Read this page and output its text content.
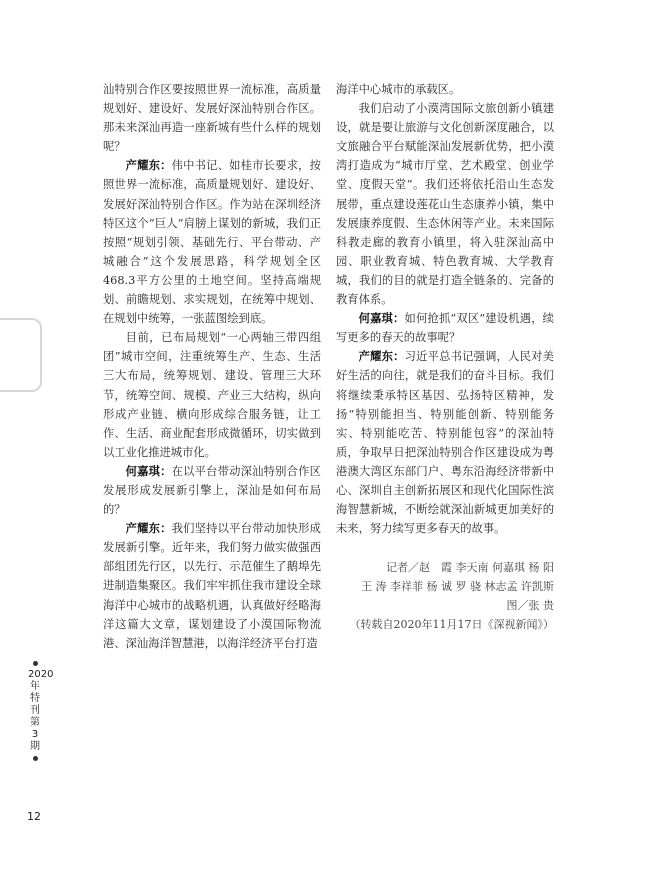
汕特别合作区要按照世界一流标准，高质量规划好、建设好、发展好深汕特别合作区。那未来深汕再造一座新城有些什么样的规划呢？

产耀东：伟中书记、如桂市长要求，按照世界一流标准，高质量规划好、建设好、发展好深汕特别合作区。作为站在深圳经济特区这个“巨人”肩膀上谋划的新城，我们正按照“规划引领、基础先行、平台带动、产城融合”这个发展思路，科学规划全区468.3平方公里的土地空间。坚持高端规划、前瞻规划、求实规划，在统筹中规划、在规划中统筹，一张蓝图绘到底。

目前，已布局规划“一心两轴三带四组团”城市空间，注重统筹生产、生态、生活三大布局，统筹规划、建设、管理三大环节，统筹空间、规模、产业三大结构，纵向形成产业链、横向形成综合服务链，让工作、生活、商业配套形成微循环，切实做到以工业化推进城市化。

何嘉琪：在以平台带动深汕特别合作区发展形成发展新引擎上，深汕是如何布局的？

产耀东：我们坚持以平台带动加快形成发展新引擎。近年来，我们努力做实做强西部组团先行区，以先行、示范催生了鹅埠先进制造集聚区。我们牢牢抓住我市建设全球海洋中心城市的战略机遇，认真做好经略海洋这篇大文章，谋划建设了小漠国际物流港、深汕海洋智慧港，以海洋经济平台打造

海洋中心城市的承载区。

我们启动了小漠湾国际文旅创新小镇建设，就是要让旅游与文化创新深度融合，以文旅融合平台赋能深汕发展新优势，把小漠湾打造成为“城市厅堂、艺术殿堂、创业学堂、度假天堂”。我们还将依托沿山生态发展带，重点建设莲花山生态康养小镇，集中发展康养度假、生态休闲等产业。未来国际科教走廊的教育小镇里，将入驻深汕高中园、职业教育城、特色教育城、大学教育城，我们的目的就是打造全链条的、完备的教育体系。

何嘉琪：如何抢抓“双区”建设机遇，续写更多的春天的故事呢？

产耀东：习近平总书记强调，人民对美好生活的向往，就是我们的奋斗目标。我们将继续秉承特区基因、弘扬特区精神，发扬“特别能担当、特别能创新、特别能务实、特别能吃苦、特别能包容”的深汕特质，争取早日把深汕特别合作区建设成为粤港澳大湾区东部门户、粤东沿海经济带新中心、深圳自主创新拓展区和现代化国际性滨海智慧新城，不断绘就深汕新城更加美好的未来，努力续写更多春天的故事。

记者／赵　霞 李天南 何嘉琪 杨 阳
王 涛 李祥菲 杨 诚 罗 骁 林志孟 许凯斯
图／张 贵
（转载自2020年11月17日《深视新闻》）
2020年
特刊
第3期
12
